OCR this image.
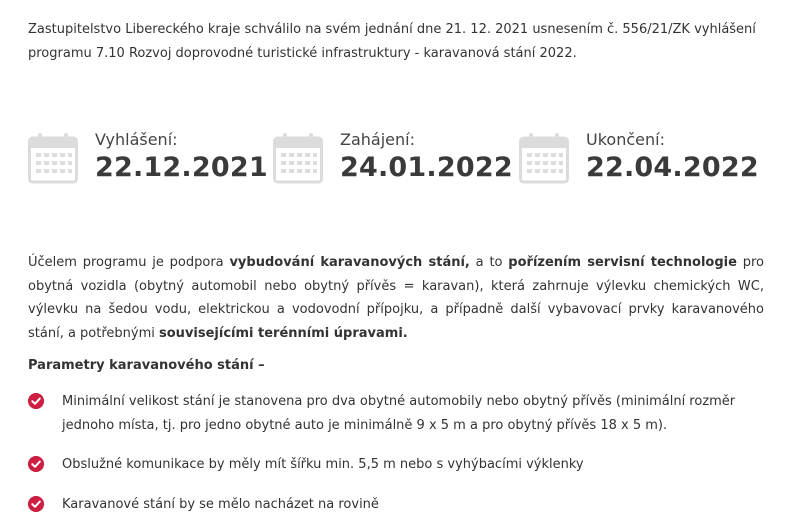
Zastupitelstvo Libereckého kraje schválilo na svém jednání dne 21. 12. 2021 usnesením č. 556/21/ZK vyhlášení programu 7.10 Rozvoj doprovodné turistické infrastruktury - karavanová stání 2022.
Vyhlášení:
22.12.2021
Zahájení:
24.01.2022
Ukončení:
22.04.2022
Účelem programu je podpora vybudování karavanových stání, a to pořízením servisní technologie pro obytná vozidla (obytný automobil nebo obytný přívěs = karavan), která zahrnuje výlevku chemických WC, výlevku na šedou vodu, elektrickou a vodovodní přípojku, a případně další vybavovací prvky karavanového stání, a potřebnými souvisejícími terénními úpravami.
Parametry karavanového stání –
Minimální velikost stání je stanovena pro dva obytné automobily nebo obytný přívěs (minimální rozměr jednoho místa, tj. pro jedno obytné auto je minimálně 9 x 5 m a pro obytný přívěs 18 x 5 m).
Obslužné komunikace by měly mít šířku min. 5,5 m nebo s vyhýbacími výklenky
Karavanové stání by se mělo nacházet na rovině
